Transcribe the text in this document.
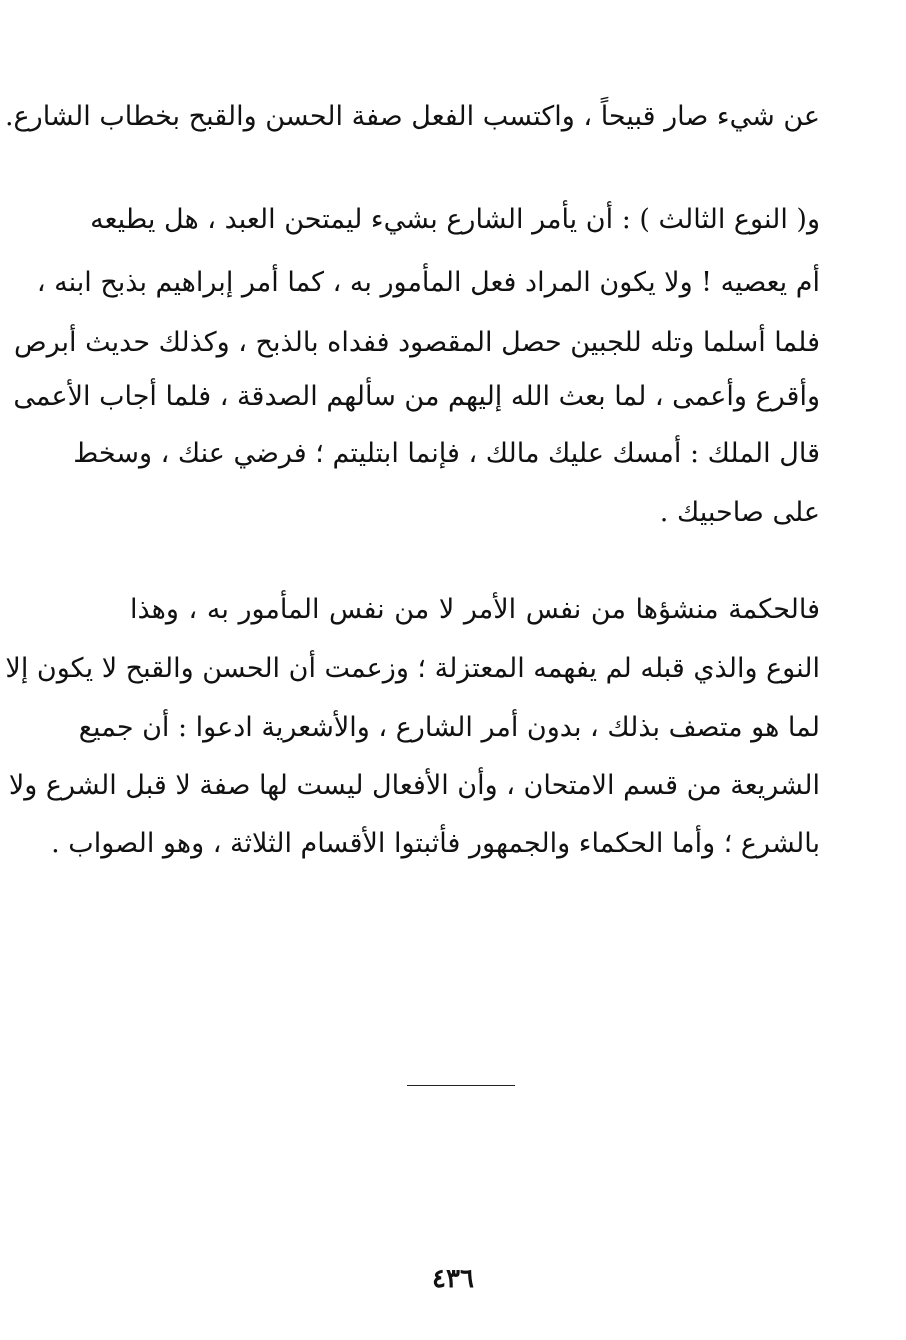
عن شيء صار قبيحاً ، واكتسب الفعل صفة الحسن والقبح بخطاب الشارع.
و( النوع الثالث ) : أن يأمر الشارع بشيء ليمتحن العبد ، هل يطيعه
أم يعصيه ! ولا يكون المراد فعل المأمور به ، كما أمر إبراهيم بذبح ابنه ،
فلما أسلما وتله للجبين حصل المقصود ففداه بالذبح ، وكذلك حديث أبرص
وأقرع وأعمى ، لما بعث الله إليهم من سألهم الصدقة ، فلما أجاب الأعمى
قال الملك : أمسك عليك مالك ، فإنما ابتليتم ؛ فرضي عنك ، وسخط
على صاحبيك .
فالحكمة منشؤها من نفس الأمر لا من نفس المأمور به ، وهذا
النوع والذي قبله لم يفهمه المعتزلة ؛ وزعمت أن الحسن والقبح لا يكون إلا
لما هو متصف بذلك ، بدون أمر الشارع ، والأشعرية ادعوا : أن جميع
الشريعة من قسم الامتحان ، وأن الأفعال ليست لها صفة لا قبل الشرع ولا
بالشرع ؛ وأما الحكماء والجمهور فأثبتوا الأقسام الثلاثة ، وهو الصواب .
٤٣٦
